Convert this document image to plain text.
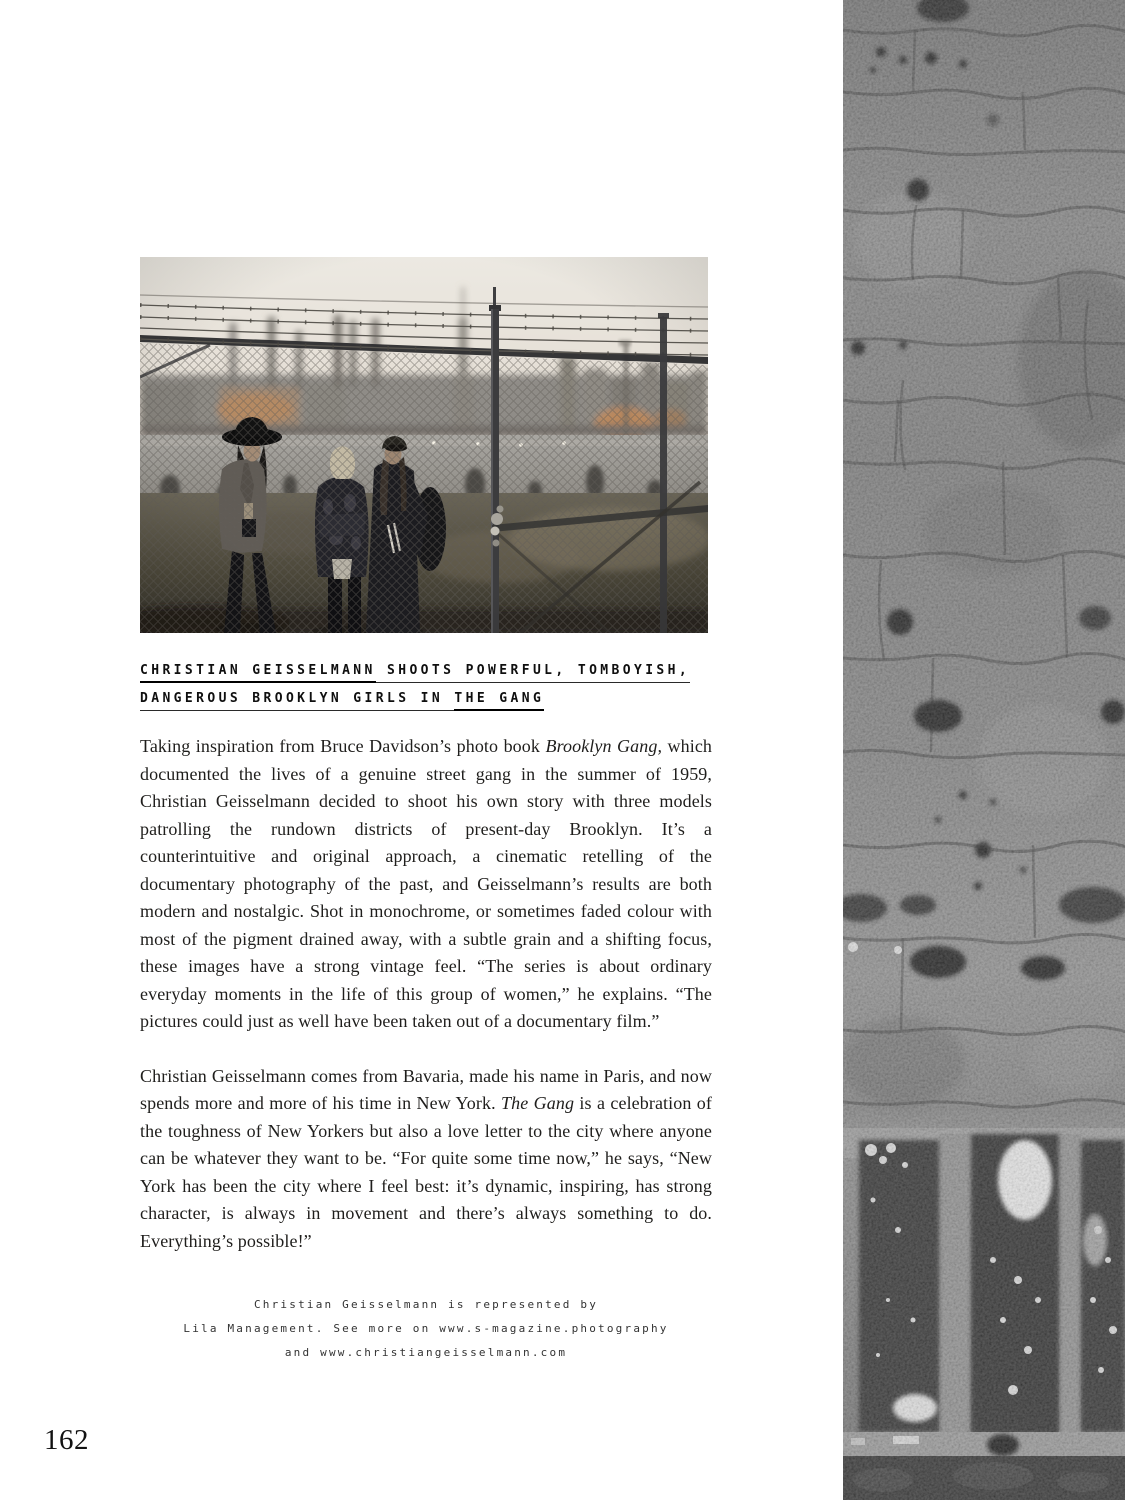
CHRISTIAN GEISSELMANN SHOOTS POWERFUL, TOMBOYISH,
DANGEROUS BROOKLYN GIRLS IN THE GANG

Taking inspiration from Bruce Davidson’s photo book Brooklyn Gang, which documented the lives of a genuine street gang in the summer of 1959, Christian Geisselmann decided to shoot his own story with three models patrolling the rundown districts of present-day Brooklyn. It’s a counterintuitive and original approach, a cinematic retelling of the documentary photography of the past, and Geisselmann’s results are both modern and nostalgic. Shot in monochrome, or sometimes faded colour with most of the pigment drained away, with a subtle grain and a shifting focus, these images have a strong vintage feel. “The series is about ordinary everyday moments in the life of this group of women,” he explains. “The pictures could just as well have been taken out of a documentary film.”

Christian Geisselmann comes from Bavaria, made his name in Paris, and now spends more and more of his time in New York. The Gang is a celebration of the toughness of New Yorkers but also a love letter to the city where anyone can be whatever they want to be. “For quite some time now,” he says, “New York has been the city where I feel best: it’s dynamic, inspiring, has strong character, is always in movement and there’s always something to do. Everything’s possible!”

Christian Geisselmann is represented by
Lila Management. See more on www.s-magazine.photography
and www.christiangeisselmann.com
162
